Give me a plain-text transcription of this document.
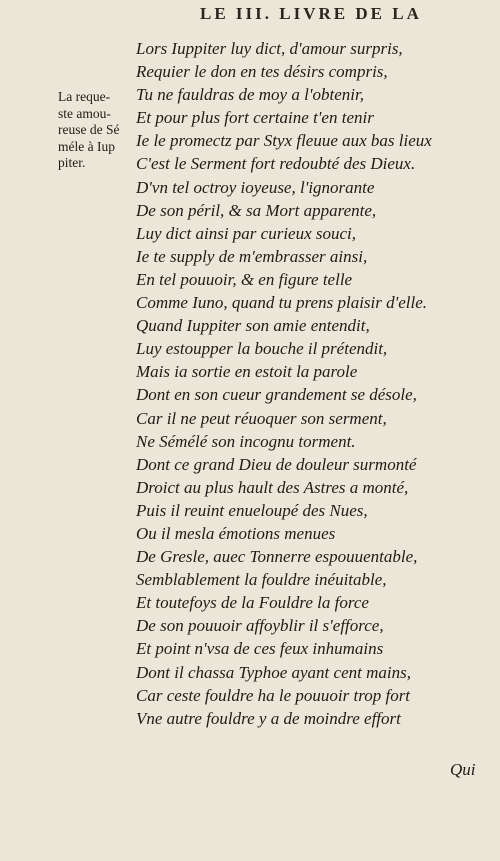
LE III. LIVRE DE LA
La reque-
ste amou-
reuse de Sé
méle à Iup
piter.
Lors Iuppiter luy dict, d'amour surpris,
Requier le don en tes désirs compris,
Tu ne fauldras de moy a l'obtenir,
Et pour plus fort certaine t'en tenir
Ie le promectz par Styx fleuue aux bas lieux
C'est le Serment fort redoubté des Dieux.
D'vn tel octroy ioyeuse, l'ignorante
De son péril, & sa Mort apparente,
Luy dict ainsi par curieux souci,
Ie te supply de m'embrasser ainsi,
En tel pouuoir, & en figure telle
Comme Iuno, quand tu prens plaisir d'elle.
Quand Iuppiter son amie entendit,
Luy estoupper la bouche il prétendit,
Mais ia sortie en estoit la parole
Dont en son cueur grandement se désole,
Car il ne peut réuoquer son serment,
Ne Sémélé son incognu torment.
Dont ce grand Dieu de douleur surmonté
Droict au plus hault des Astres a monté,
Puis il reuint enueloupé des Nues,
Ou il mesla émotions menues
De Gresle, auec Tonnerre espouuentable,
Semblablement la fouldre inéuitable,
Et toutefoys de la Fouldre la force
De son pouuoir affoyblir il s'efforce,
Et point n'vsa de ces feux inhumains
Dont il chassa Typhoe ayant cent mains,
Car ceste fouldre ha le pouuoir trop fort
Vne autre fouldre y a de moindre effort
Qui
